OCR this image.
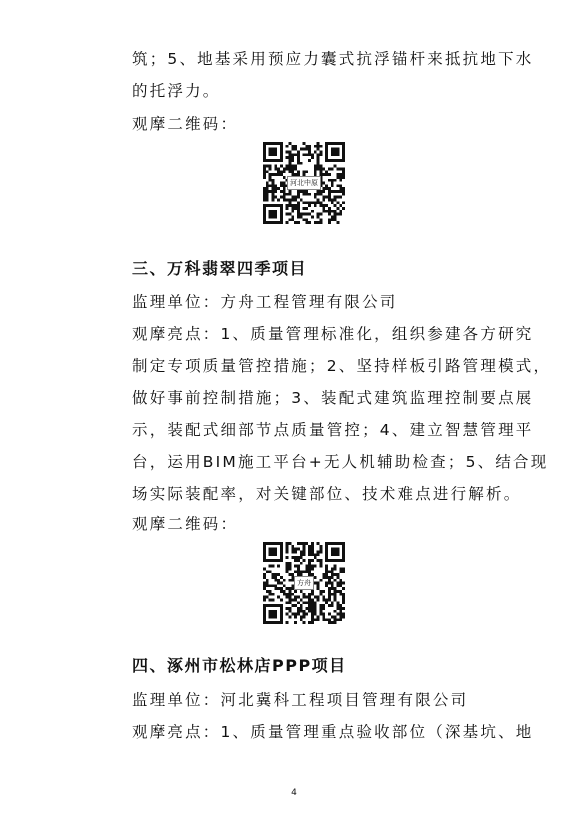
筑；5、地基采用预应力囊式抗浮锚杆来抵抗地下水
的托浮力。
观摩二维码：
河北中原
三、万科翡翠四季项目
监理单位：方舟工程管理有限公司
观摩亮点：1、质量管理标准化，组织参建各方研究
制定专项质量管控措施；2、坚持样板引路管理模式，
做好事前控制措施；3、装配式建筑监理控制要点展
示，装配式细部节点质量管控；4、建立智慧管理平
台，运用BIM施工平台+无人机辅助检查；5、结合现
场实际装配率，对关键部位、技术难点进行解析。
观摩二维码：
方舟
四、涿州市松林店PPP项目
监理单位：河北冀科工程项目管理有限公司
观摩亮点：1、质量管理重点验收部位（深基坑、地
4
